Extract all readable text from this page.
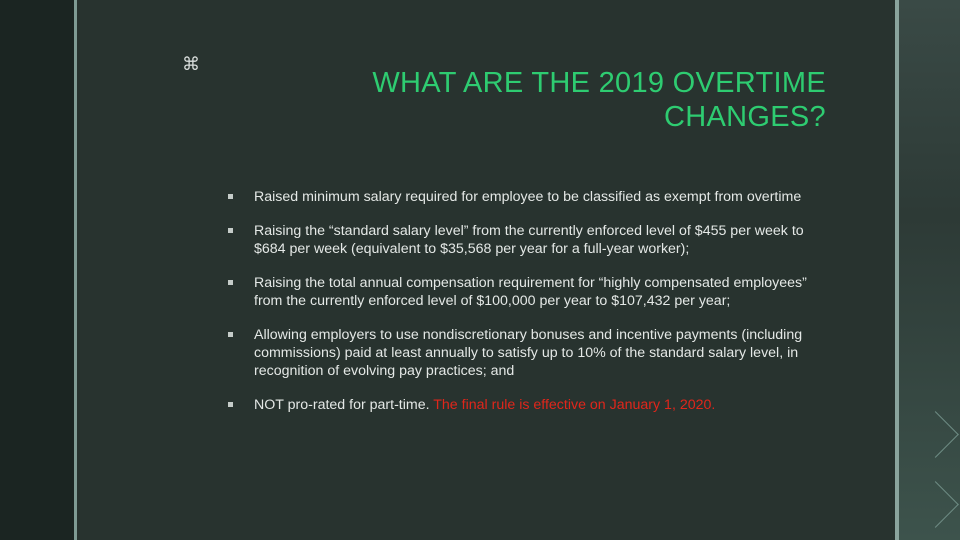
⌘
WHAT ARE THE 2019 OVERTIME CHANGES?
Raised minimum salary required for employee to be classified as exempt from overtime
Raising the “standard salary level” from the currently enforced level of $455 per week to $684 per week (equivalent to $35,568 per year for a full-year worker);
Raising the total annual compensation requirement for “highly compensated employees” from the currently enforced level of $100,000 per year to $107,432 per year;
Allowing employers to use nondiscretionary bonuses and incentive payments (including commissions) paid at least annually to satisfy up to 10% of the standard salary level, in recognition of evolving pay practices; and
NOT pro-rated for part-time. The final rule is effective on January 1, 2020.
